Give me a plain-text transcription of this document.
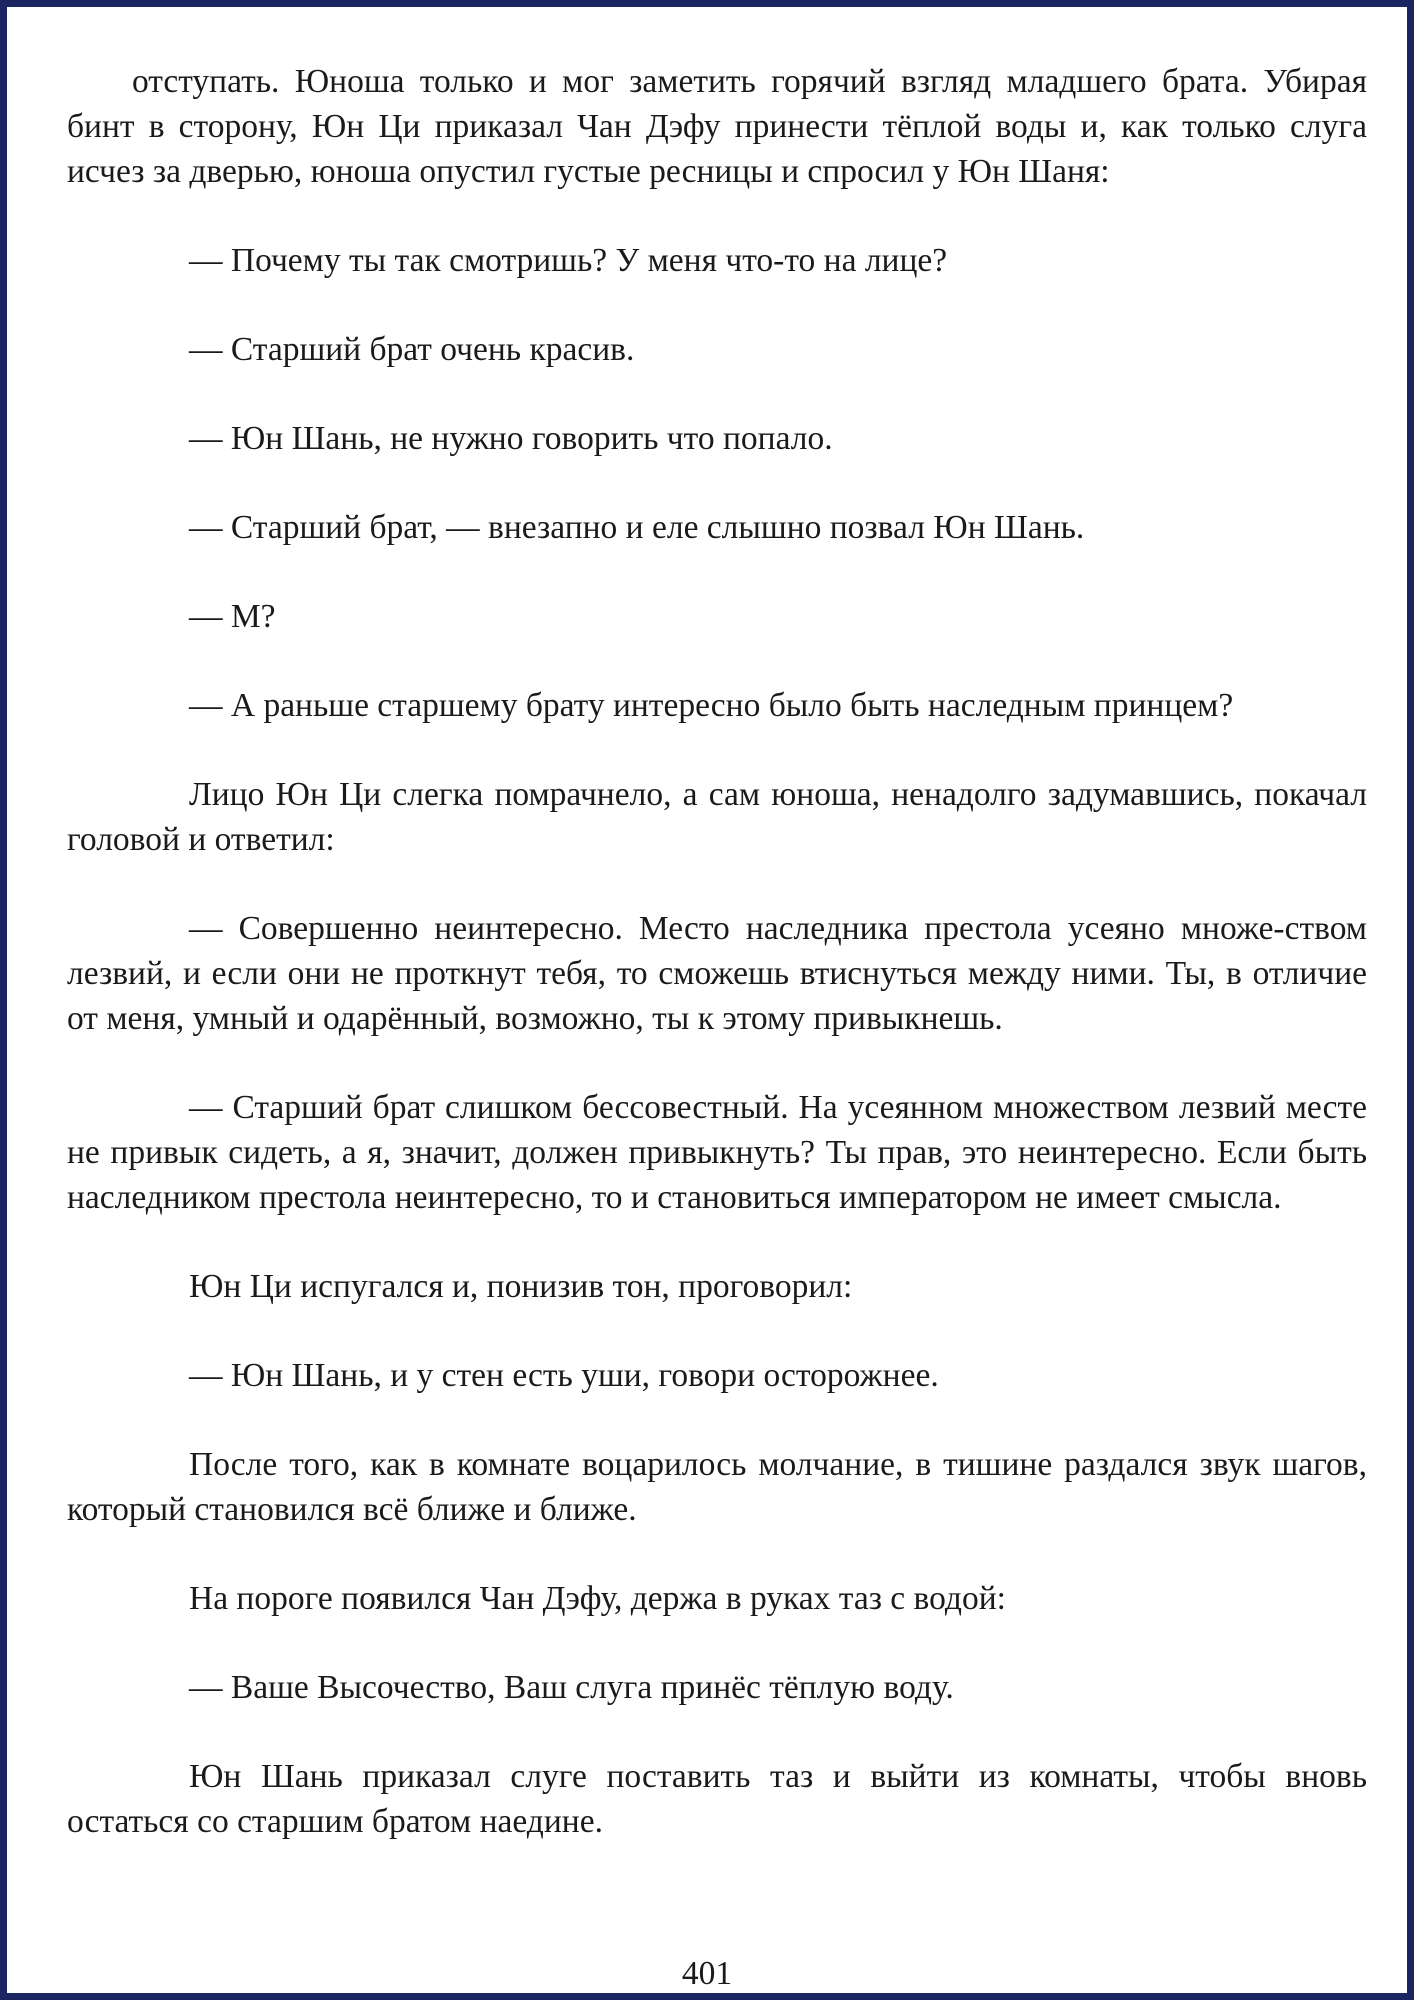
отступать. Юноша только и мог заметить горячий взгляд младшего брата. Убирая бинт в сторону, Юн Ци приказал Чан Дэфу принести тёплой воды и, как только слуга исчез за дверью, юноша опустил густые ресницы и спросил у Юн Шаня:

— Почему ты так смотришь? У меня что-то на лице?

— Старший брат очень красив.

— Юн Шань, не нужно говорить что попало.

— Старший брат, — внезапно и еле слышно позвал Юн Шань.

— М?

— А раньше старшему брату интересно было быть наследным принцем?

Лицо Юн Ци слегка помрачнело, а сам юноша, ненадолго задумавшись, покачал головой и ответил:

— Совершенно неинтересно. Место наследника престола усеяно множе-ством лезвий, и если они не проткнут тебя, то сможешь втиснуться между ними. Ты, в отличие от меня, умный и одарённый, возможно, ты к этому привыкнешь.

— Старший брат слишком бессовестный. На усеянном множеством лезвий месте не привык сидеть, а я, значит, должен привыкнуть? Ты прав, это неинтересно. Если быть наследником престола неинтересно, то и становиться императором не имеет смысла.

Юн Ци испугался и, понизив тон, проговорил:

— Юн Шань, и у стен есть уши, говори осторожнее.

После того, как в комнате воцарилось молчание, в тишине раздался звук шагов, который становился всё ближе и ближе.

На пороге появился Чан Дэфу, держа в руках таз с водой:

— Ваше Высочество, Ваш слуга принёс тёплую воду.

Юн Шань приказал слуге поставить таз и выйти из комнаты, чтобы вновь остаться со старшим братом наедине.

401
